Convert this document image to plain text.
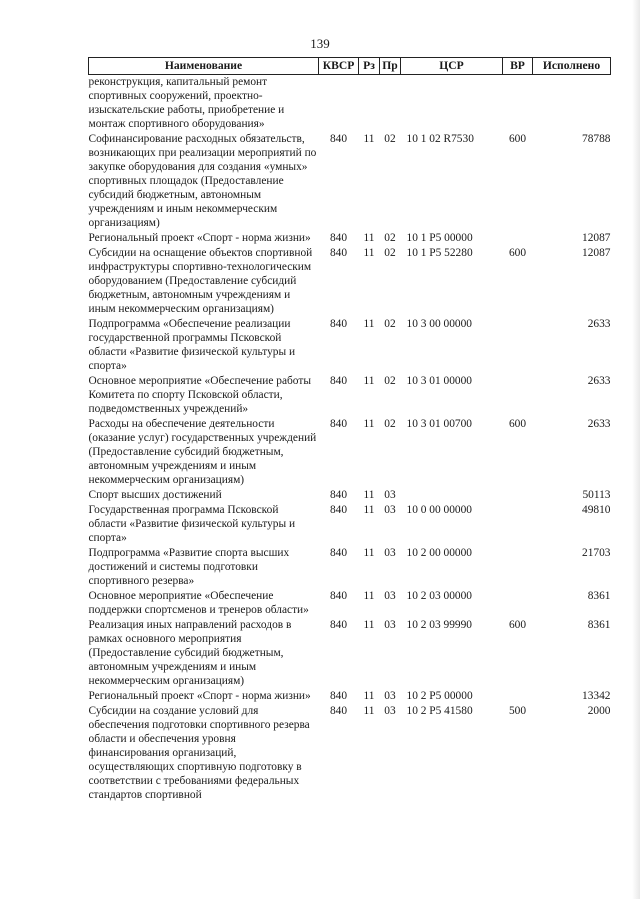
139
Наименование	КВСР	Рз	Пр	ЦСР	ВР	Исполнено
реконструкция, капитальный ремонт спортивных сооружений, проектно-изыскательские работы, приобретение и монтаж спортивного оборудования»						
Софинансирование расходных обязательств, возникающих при реализации мероприятий по закупке оборудования для создания «умных» спортивных площадок (Предоставление субсидий бюджетным, автономным учреждениям и иным некоммерческим организациям)	840	11	02	10 1 02 R7530	600	78788
Региональный проект «Спорт - норма жизни»	840	11	02	10 1 P5 00000		12087
Субсидии на оснащение объектов спортивной инфраструктуры спортивно-технологическим оборудованием (Предоставление субсидий бюджетным, автономным учреждениям и иным некоммерческим организациям)	840	11	02	10 1 P5 52280	600	12087
Подпрограмма «Обеспечение реализации государственной программы Псковской области «Развитие физической культуры и спорта»	840	11	02	10 3 00 00000		2633
Основное мероприятие «Обеспечение работы Комитета по спорту Псковской области, подведомственных учреждений»	840	11	02	10 3 01 00000		2633
Расходы на обеспечение деятельности (оказание услуг) государственных учреждений (Предоставление субсидий бюджетным, автономным учреждениям и иным некоммерческим организациям)	840	11	02	10 3 01 00700	600	2633
Спорт высших достижений	840	11	03			50113
Государственная программа Псковской области «Развитие физической культуры и спорта»	840	11	03	10 0 00 00000		49810
Подпрограмма «Развитие спорта высших достижений и системы подготовки спортивного резерва»	840	11	03	10 2 00 00000		21703
Основное мероприятие «Обеспечение поддержки спортсменов и тренеров области»	840	11	03	10 2 03 00000		8361
Реализация иных направлений расходов в рамках основного мероприятия (Предоставление субсидий бюджетным, автономным учреждениям и иным некоммерческим организациям)	840	11	03	10 2 03 99990	600	8361
Региональный проект «Спорт - норма жизни»	840	11	03	10 2 P5 00000		13342
Субсидии на создание условий для обеспечения подготовки спортивного резерва области и обеспечения уровня финансирования организаций, осуществляющих спортивную подготовку в соответствии с требованиями федеральных стандартов спортивной	840	11	03	10 2 P5 41580	500	2000
